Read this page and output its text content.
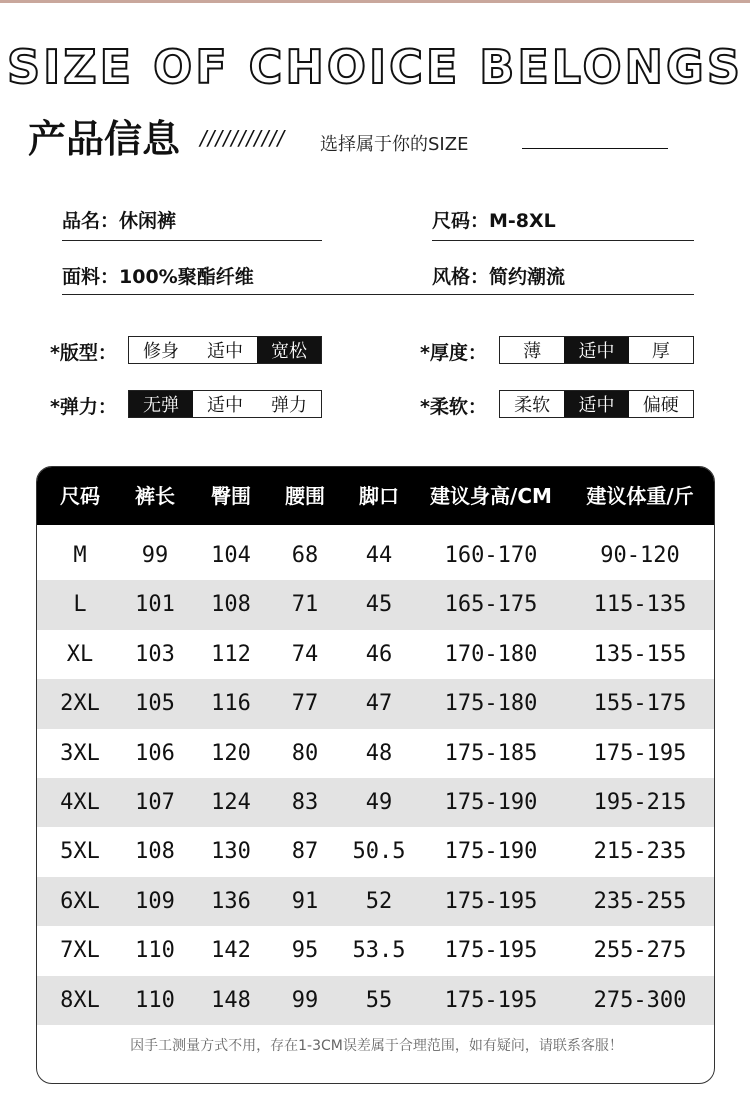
SIZE OF CHOICE BELONGS
产品信息 /////////// 选择属于你的SIZE
品名：休闲裤	尺码：M-8XL
面料：100%聚酯纤维	风格：简约潮流
*版型：	修身	适中	宽松	*厚度：	薄	适中	厚
*弹力：	无弹	适中	弹力	*柔软：	柔软	适中	偏硬
尺码	裤长	臀围	腰围	脚口	建议身高/CM	建议体重/斤
M	99	104	68	44	160-170	90-120
L	101	108	71	45	165-175	115-135
XL	103	112	74	46	170-180	135-155
2XL	105	116	77	47	175-180	155-175
3XL	106	120	80	48	175-185	175-195
4XL	107	124	83	49	175-190	195-215
5XL	108	130	87	50.5	175-190	215-235
6XL	109	136	91	52	175-195	235-255
7XL	110	142	95	53.5	175-195	255-275
8XL	110	148	99	55	175-195	275-300
因手工测量方式不用，存在1-3CM误差属于合理范围，如有疑问，请联系客服！
